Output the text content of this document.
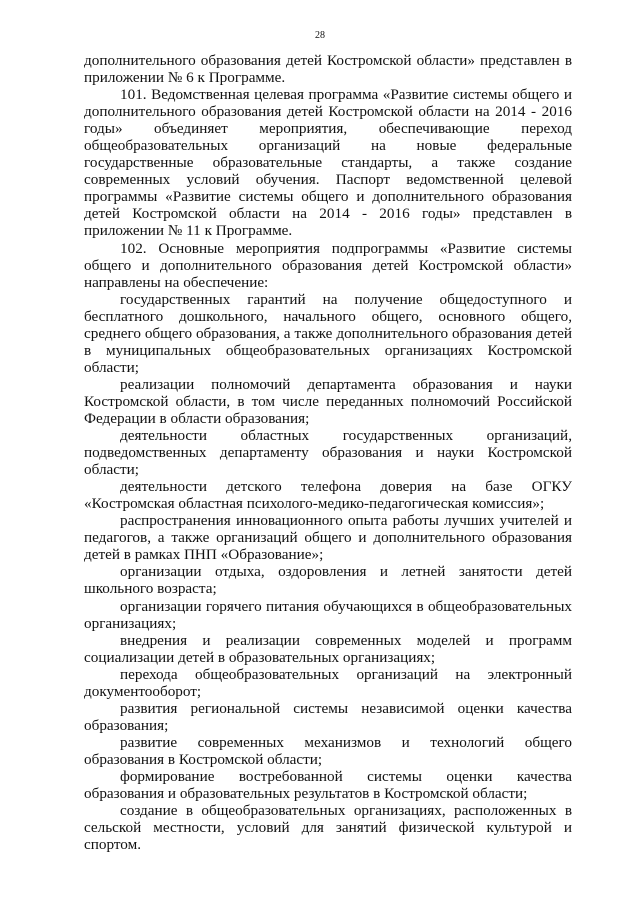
28

дополнительного образования детей Костромской области» представлен в приложении № 6 к Программе.

101. Ведомственная целевая программа «Развитие системы общего и дополнительного образования детей Костромской области на 2014 - 2016 годы» объединяет мероприятия, обеспечивающие переход общеобразовательных организаций на новые федеральные государственные образовательные стандарты, а также создание современных условий обучения. Паспорт ведомственной целевой программы «Развитие системы общего и дополнительного образования детей Костромской области на 2014 - 2016 годы» представлен в приложении № 11 к Программе.

102. Основные мероприятия подпрограммы «Развитие системы общего и дополнительного образования детей Костромской области» направлены на обеспечение:

государственных гарантий на получение общедоступного и бесплатного дошкольного, начального общего, основного общего, среднего общего образования, а также дополнительного образования детей в муниципальных общеобразовательных организациях Костромской области;

реализации полномочий департамента образования и науки Костромской области, в том числе переданных полномочий Российской Федерации в области образования;

деятельности областных государственных организаций, подведомственных департаменту образования и науки Костромской области;

деятельности детского телефона доверия на базе ОГКУ «Костромская областная психолого-медико-педагогическая комиссия»;

распространения инновационного опыта работы лучших учителей и педагогов, а также организаций общего и дополнительного образования детей в рамках ПНП «Образование»;

организации отдыха, оздоровления и летней занятости детей школьного возраста;

организации горячего питания обучающихся в общеобразовательных организациях;

внедрения и реализации современных моделей и программ социализации детей в образовательных организациях;

перехода общеобразовательных организаций на электронный документооборот;

развития региональной системы независимой оценки качества образования;

развитие современных механизмов и технологий общего образования в Костромской области;

формирование востребованной системы оценки качества образования и образовательных результатов в Костромской области;

создание в общеобразовательных организациях, расположенных в сельской местности, условий для занятий физической культурой и спортом.
